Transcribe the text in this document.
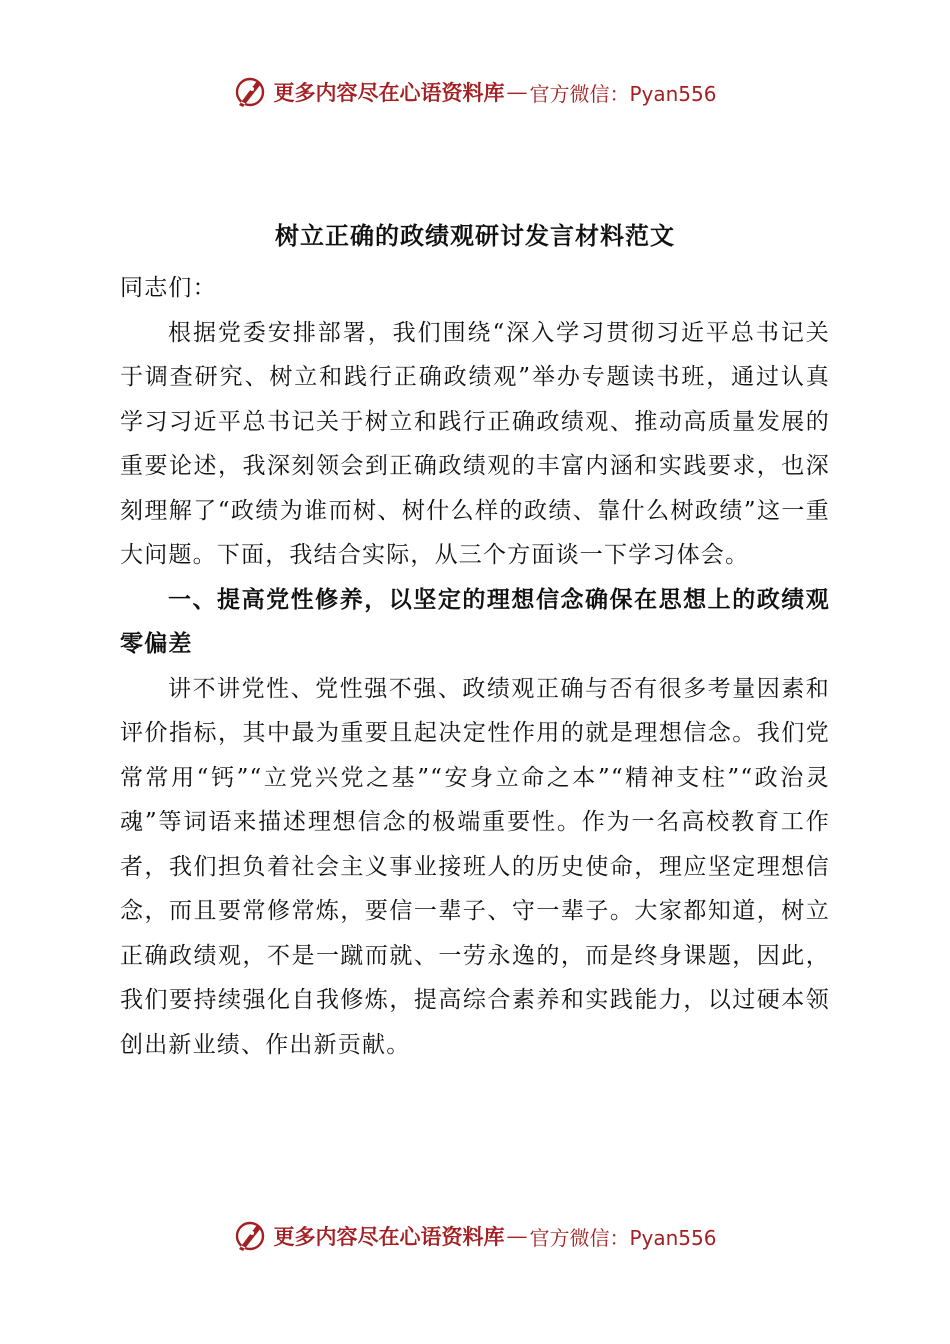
更多内容尽在心语资料库 — 官方微信：Pyan556
树立正确的政绩观研讨发言材料范文

同志们：

根据党委安排部署，我们围绕“深入学习贯彻习近平总书记关于调查研究、树立和践行正确政绩观”举办专题读书班，通过认真学习习近平总书记关于树立和践行正确政绩观、推动高质量发展的重要论述，我深刻领会到正确政绩观的丰富内涵和实践要求，也深刻理解了“政绩为谁而树、树什么样的政绩、靠什么树政绩”这一重大问题。下面，我结合实际，从三个方面谈一下学习体会。

一、提高党性修养，以坚定的理想信念确保在思想上的政绩观零偏差

讲不讲党性、党性强不强、政绩观正确与否有很多考量因素和评价指标，其中最为重要且起决定性作用的就是理想信念。我们党常常用“钙”“立党兴党之基”“安身立命之本”“精神支柱”“政治灵魂”等词语来描述理想信念的极端重要性。作为一名高校教育工作者，我们担负着社会主义事业接班人的历史使命，理应坚定理想信念，而且要常修常炼，要信一辈子、守一辈子。大家都知道，树立正确政绩观，不是一蹴而就、一劳永逸的，而是终身课题，因此，我们要持续强化自我修炼，提高综合素养和实践能力，以过硬本领创出新业绩、作出新贡献。

更多内容尽在心语资料库 — 官方微信：Pyan556
